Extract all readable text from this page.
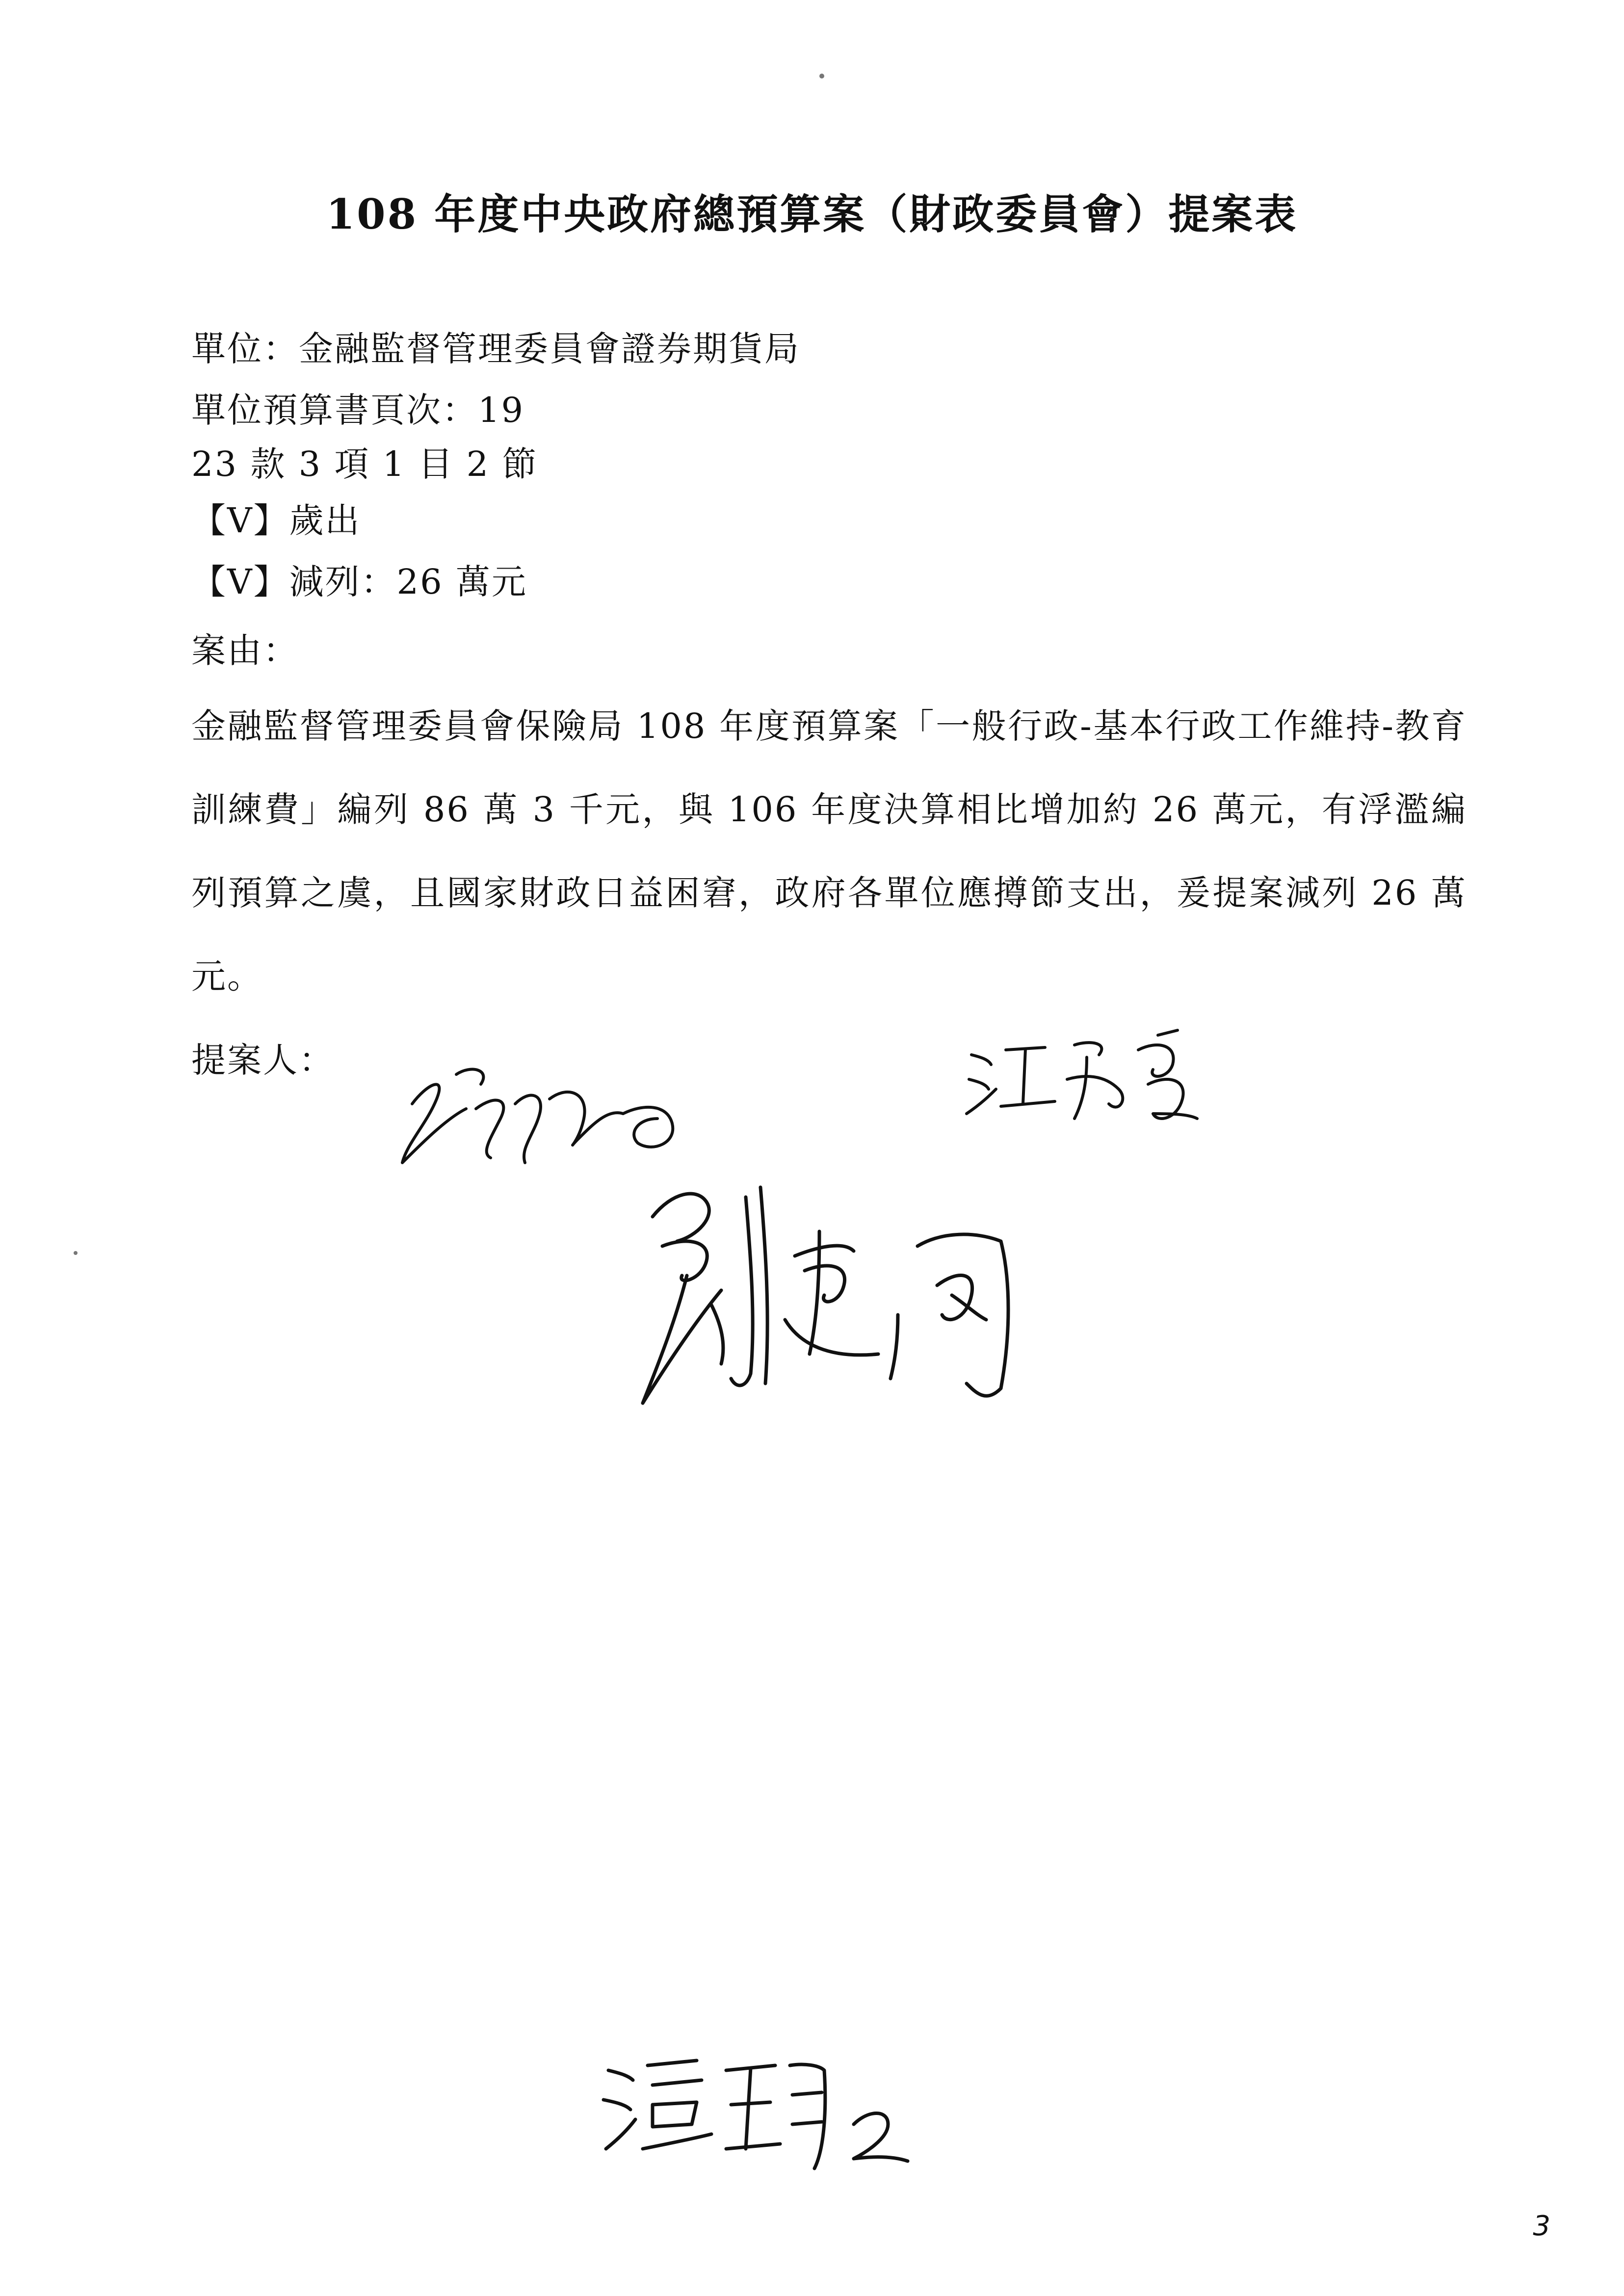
108 年度中央政府總預算案（財政委員會）提案表
單位：金融監督管理委員會證券期貨局
單位預算書頁次：19
23 款 3 項 1 目 2 節
【V】歲出
【V】減列：26 萬元
案由：
金融監督管理委員會保險局 108 年度預算案「一般行政-基本行政工作維持-教育訓練費」編列 86 萬 3 千元，與 106 年度決算相比增加約 26 萬元，有浮濫編列預算之虞，且國家財政日益困窘，政府各單位應撙節支出，爰提案減列 26 萬元。
提案人：
3
